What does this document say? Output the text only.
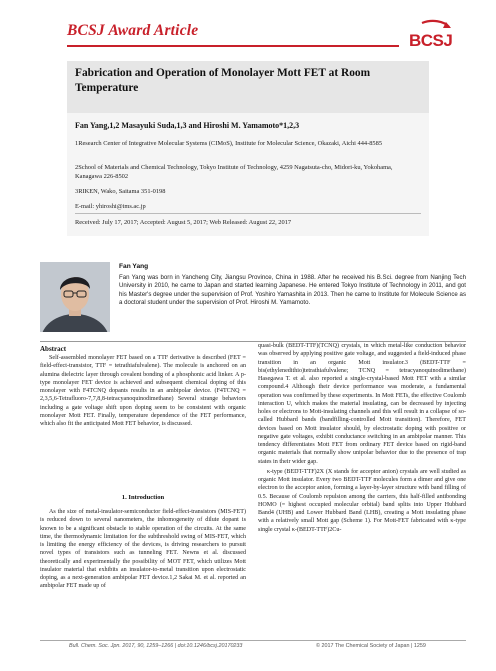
BCSJ Award Article
BCSJ
Fabrication and Operation of Monolayer Mott FET at Room Temperature
Fan Yang,1,2 Masayuki Suda,1,3 and Hiroshi M. Yamamoto*1,2,3
1Research Center of Integrative Molecular Systems (CIMoS), Institute for Molecular Science, Okazaki, Aichi 444-8585
2School of Materials and Chemical Technology, Tokyo Institute of Technology, 4259 Nagatsuta-cho, Midori-ku, Yokohama, Kanagawa 226-8502
3RIKEN, Wako, Saitama 351-0198
E-mail: yhiroshi@ims.ac.jp
Received: July 17, 2017; Accepted: August 5, 2017; Web Released: August 22, 2017
Fan Yang
Fan Yang was born in Yancheng City, Jiangsu Province, China in 1988. After he received his B.Sci. degree from Nanjing Tech University in 2010, he came to Japan and started learning Japanese. He entered Tokyo Institute of Technology in 2011, and got his Master's degree under the supervision of Prof. Yoshiro Yamashita in 2013. Then he came to Institute for Molecule Science as a doctoral student under the supervision of Prof. Hiroshi M. Yamamoto.
Abstract
Self-assembled monolayer FET based on a TTF derivative is described (FET = field-effect-transistor, TTF = tetrathiafulvalene). The molecule is anchored on an alumina dielectric layer through covalent bonding of a phosphonic acid linker. A p-type monolayer FET device is achieved and subsequent chemical doping of this monolayer with F4TCNQ dopants results in an ambipolar device. (F4TCNQ = 2,3,5,6-Tetrafluoro-7,7,8,8-tetracyanoquinodimethane) Several strange behaviors including a gate voltage shift upon doping seem to be consistent with organic monolayer Mott FET. Finally, temperature dependence of the FET performance, which also fit the anticipated Mott FET behavior, is discussed.
1. Introduction
As the size of metal-insulator-semiconductor field-effect-transistors (MIS-FET) is reduced down to several nanometers, the inhomogeneity of dilute dopant is known to be a significant obstacle to stable operation of the circuits. At the same time, the thermodynamic limitation for the subthreshold swing of MIS-FET, which is limiting the energy efficiency of the devices, is driving researchers to pursuit novel types of transistors such as tunneling FET. Newns et al. discussed theoretically and experimentally the possibility of MOT FET, which utilizes Mott insulator material that exhibits an insulator-to-metal transition upon electrostatic doping, as a next-generation ambipolar FET device.1,2 Sakai M. et al. reported an ambipolar FET made up of

quasi-bulk (BEDT-TTF)(TCNQ) crystals, in which metal-like conduction behavior was observed by applying positive gate voltage, and suggested a field-induced phase transition in an organic Mott insulator.3 (BEDT-TTF = bis(ethylenedithio)tetrathiafulvalene; TCNQ = tetracyanoquinodimethane) Hasegawa T. et al. also reported a single-crystal-based Mott FET with a similar compound.4 Although their device performance was moderate, a fundamental operation was confirmed by these experiments. In Mott FETs, the effective Coulomb interaction U, which makes the material insulating, can be decreased by injecting holes or electrons to Mott-insulating channels and this will result in a collapse of so-called Hubbard bands (bandfilling-controlled Mott transition). Therefore, FET devices based on Mott insulator should, by electrostatic doping with positive or negative gate voltages, exhibit conductance switching in an ambipolar manner. This tendency differentiates Mott FET from ordinary FET device based on rigid-band organic materials that normally show unipolar behavior due to the presence of trap states in their wider gap.

κ-type (BEDT-TTF)2X (X stands for acceptor anion) crystals are well studied as organic Mott insulator. Every two BEDT-TTF molecules form a dimer and give one electron to the acceptor anion, forming a layer-by-layer structure with band filling of 0.5. Because of Coulomb repulsion among the carriers, this half-filled antibonding HOMO (= highest occupied molecular orbital) band splits into Upper Hubbard Band4 (UHB) and Lower Hubbard Band (LHB), creating a Mott insulating phase with a relatively small Mott gap (Scheme 1). For Mott-FET fabricated with κ-type single crystal κ-(BEDT-TTF)2Cu-

Bull. Chem. Soc. Jpn. 2017, 90, 1259–1266 | doi:10.1246/bcsj.20170233	© 2017 The Chemical Society of Japan | 1259
